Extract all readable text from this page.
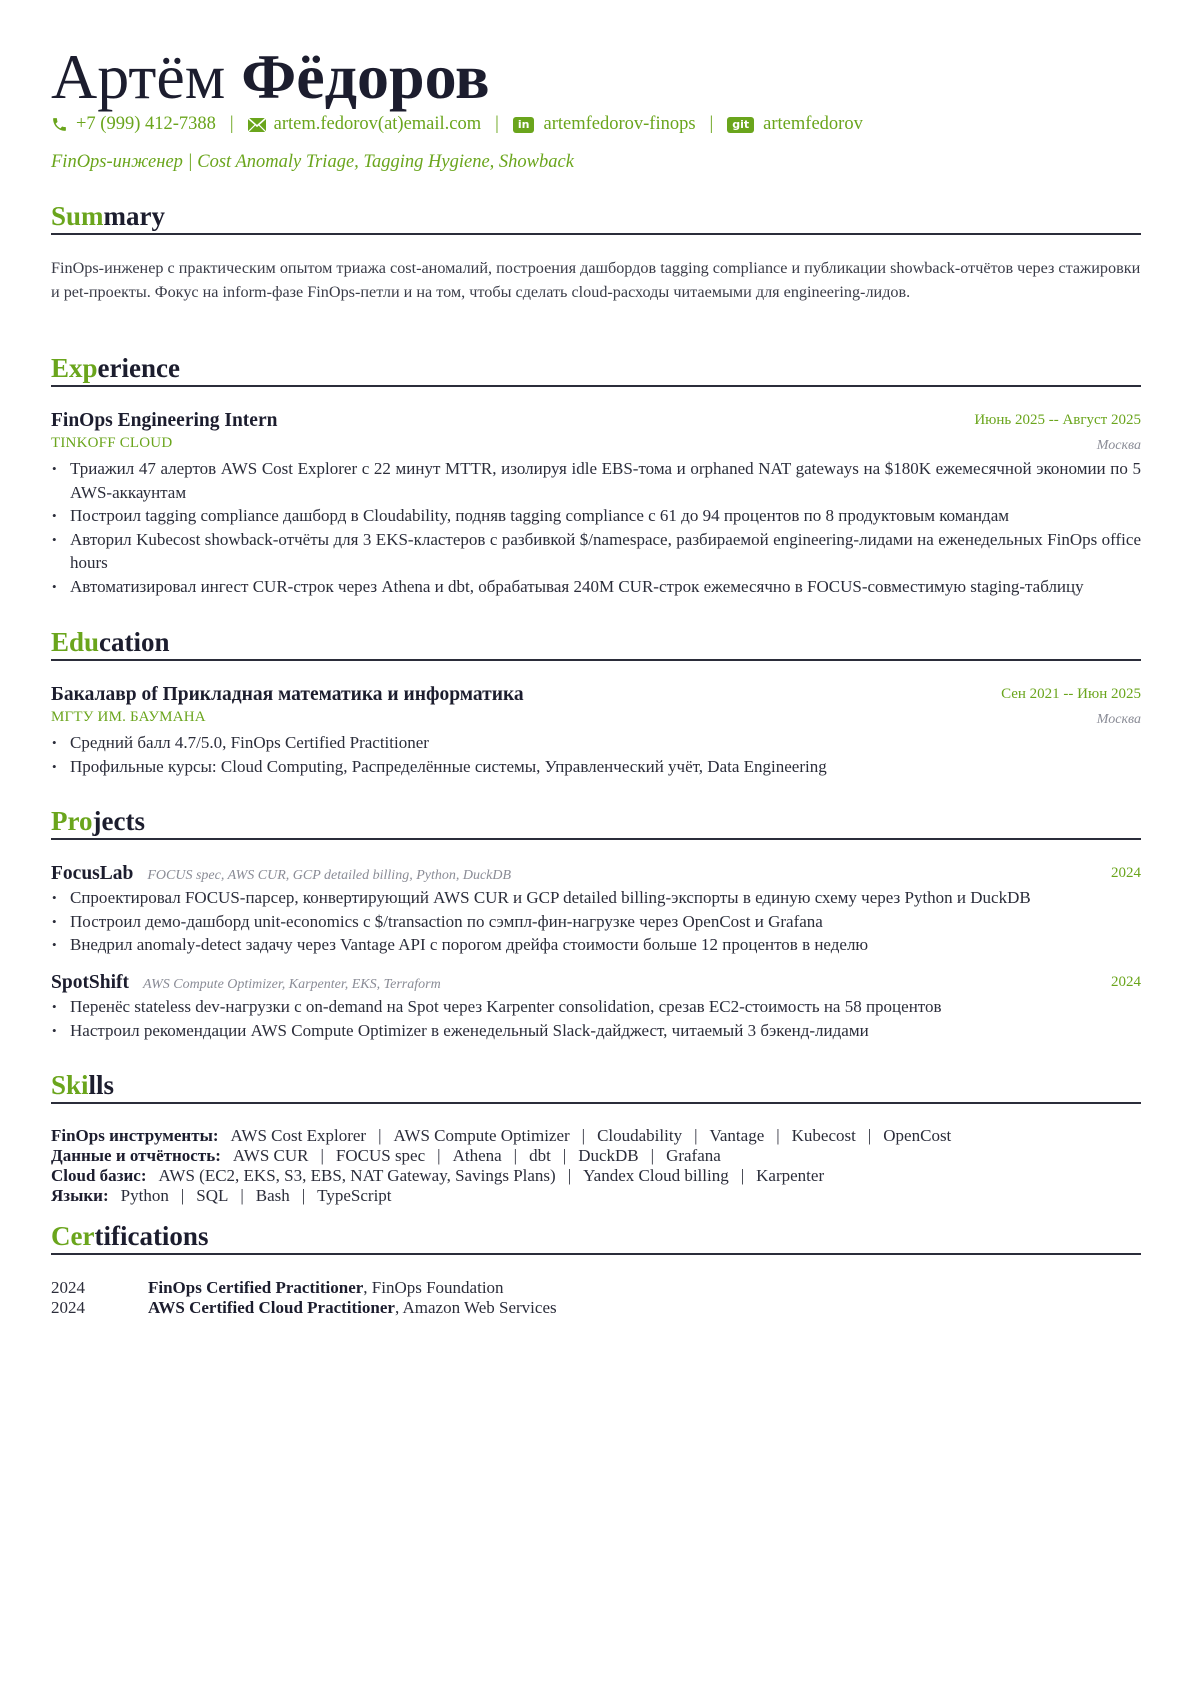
Артём Фёдоров
+7 (999) 412-7388 | artem.fedorov(at)email.com |	in artemfedorov-finops |	git artemfedorov
FinOps-инженер | Cost Anomaly Triage, Tagging Hygiene, Showback
Summary
FinOps-инженер с практическим опытом триажа cost-аномалий, построения дашбордов tagging compliance и публикации showback-отчётов через стажировки и pet-проекты. Фокус на inform-фазе FinOps-петли и на том, чтобы сделать cloud-расходы читаемыми для engineering-лидов.
Experience
FinOps Engineering Intern	Июнь 2025 -- Август 2025
TINKOFF CLOUD	Москва
• Триажил 47 алертов AWS Cost Explorer с 22 минут MTTR, изолируя idle EBS-тома и orphaned NAT gateways на $180K ежемесячной экономии по 5 AWS-аккаунтам
• Построил tagging compliance дашборд в Cloudability, подняв tagging compliance с 61 до 94 процентов по 8 продуктовым командам
• Авторил Kubecost showback-отчёты для 3 EKS-кластеров с разбивкой $/namespace, разбираемой engineering-лидами на еженедельных FinOps office hours
• Автоматизировал ингест CUR-строк через Athena и dbt, обрабатывая 240M CUR-строк ежемесячно в FOCUS-совместимую staging-таблицу
Education
Бакалавр of Прикладная математика и информатика	Сен 2021 -- Июн 2025
МГТУ ИМ. БАУМАНА	Москва
• Средний балл 4.7/5.0, FinOps Certified Practitioner
• Профильные курсы: Cloud Computing, Распределённые системы, Управленческий учёт, Data Engineering
Projects
FocusLab FOCUS spec, AWS CUR, GCP detailed billing, Python, DuckDB	2024
• Спроектировал FOCUS-парсер, конвертирующий AWS CUR и GCP detailed billing-экспорты в единую схему через Python и DuckDB
• Построил демо-дашборд unit-economics с $/transaction по сэмпл-фин-нагрузке через OpenCost и Grafana
• Внедрил anomaly-detect задачу через Vantage API с порогом дрейфа стоимости больше 12 процентов в неделю
SpotShift AWS Compute Optimizer, Karpenter, EKS, Terraform	2024
• Перенёс stateless dev-нагрузки с on-demand на Spot через Karpenter consolidation, срезав EC2-стоимость на 58 процентов
• Настроил рекомендации AWS Compute Optimizer в еженедельный Slack-дайджест, читаемый 3 бэкенд-лидами
Skills
FinOps инструменты: AWS Cost Explorer | AWS Compute Optimizer | Cloudability | Vantage | Kubecost | OpenCost
Данные и отчётность: AWS CUR | FOCUS spec | Athena | dbt | DuckDB | Grafana
Cloud базис: AWS (EC2, EKS, S3, EBS, NAT Gateway, Savings Plans) | Yandex Cloud billing | Karpenter
Языки: Python | SQL | Bash | TypeScript
Certifications
2024	FinOps Certified Practitioner, FinOps Foundation
2024	AWS Certified Cloud Practitioner, Amazon Web Services
